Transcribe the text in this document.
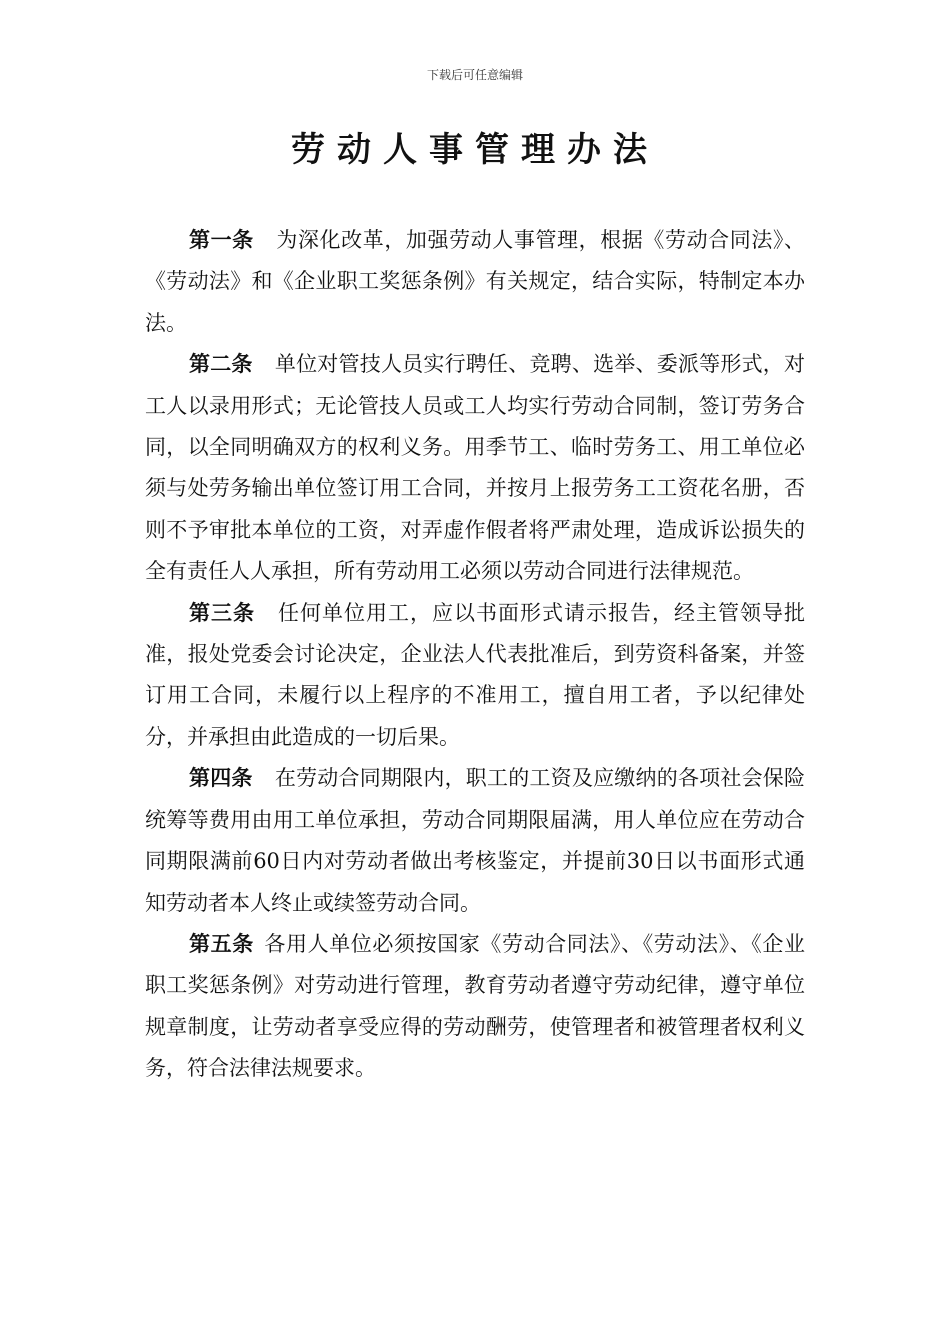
下载后可任意编辑
劳动人事管理办法

第一条 为深化改革，加强劳动人事管理，根据《劳动合同法》、《劳动法》和《企业职工奖惩条例》有关规定，结合实际，特制定本办法。

第二条 单位对管技人员实行聘任、竞聘、选举、委派等形式，对工人以录用形式；无论管技人员或工人均实行劳动合同制，签订劳务合同，以全同明确双方的权利义务。用季节工、临时劳务工、用工单位必须与处劳务输出单位签订用工合同，并按月上报劳务工工资花名册，否则不予审批本单位的工资，对弄虚作假者将严肃处理，造成诉讼损失的全有责任人人承担，所有劳动用工必须以劳动合同进行法律规范。

第三条 任何单位用工，应以书面形式请示报告，经主管领导批准，报处党委会讨论决定，企业法人代表批准后，到劳资科备案，并签订用工合同，未履行以上程序的不准用工，擅自用工者，予以纪律处分，并承担由此造成的一切后果。

第四条 在劳动合同期限内，职工的工资及应缴纳的各项社会保险统筹等费用由用工单位承担，劳动合同期限届满，用人单位应在劳动合同期限满前60日内对劳动者做出考核鉴定，并提前30日以书面形式通知劳动者本人终止或续签劳动合同。

第五条 各用人单位必须按国家《劳动合同法》、《劳动法》、《企业职工奖惩条例》对劳动进行管理，教育劳动者遵守劳动纪律，遵守单位规章制度，让劳动者享受应得的劳动酬劳，使管理者和被管理者权利义务，符合法律法规要求。
